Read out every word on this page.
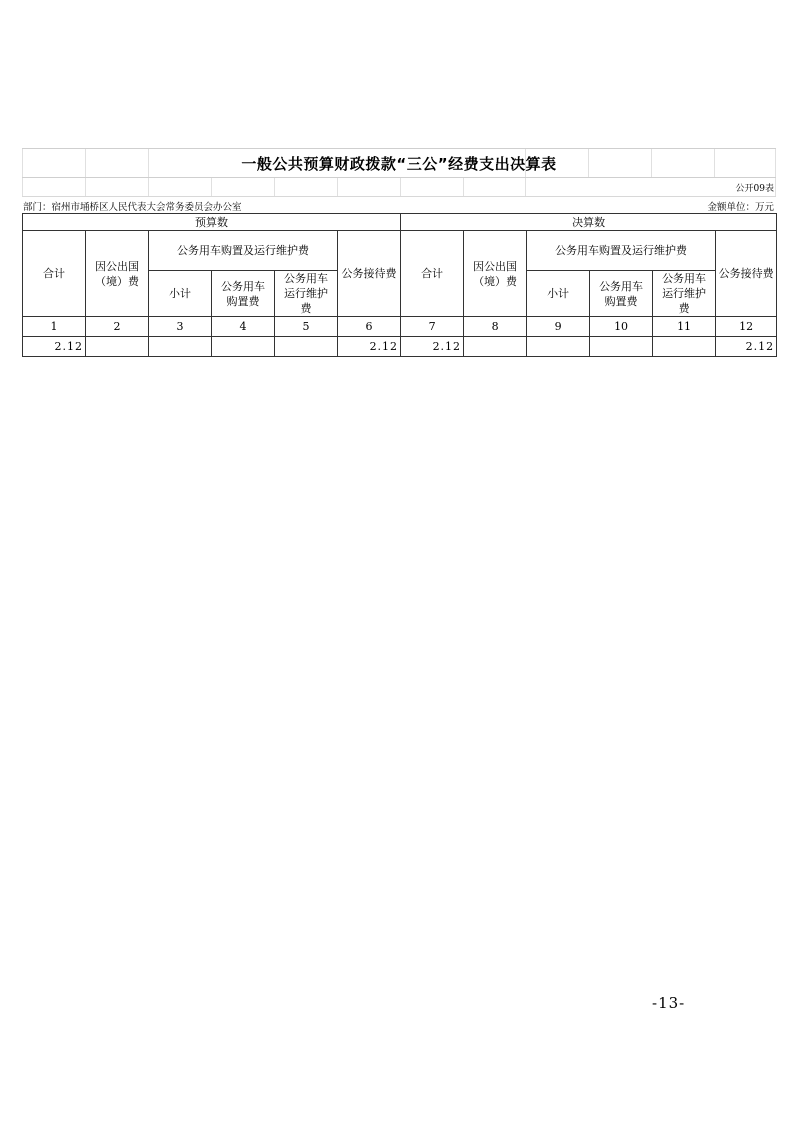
一般公共预算财政拨款“三公”经费支出决算表
公开09表
部门：宿州市埇桥区人民代表大会常务委员会办公室	金额单位：万元
预算数						决算数					
合计	因公出国（境）费	公务用车购置及运行维护费			公务接待费	合计	因公出国（境）费	公务用车购置及运行维护费			公务接待费
		小计	公务用车购置费	公务用车运行维护费				小计	公务用车购置费	公务用车运行维护费	

1	2	3	4	5	6	7	8	9	10	11	12
2.12					2.12	2.12					2.12
-13-
